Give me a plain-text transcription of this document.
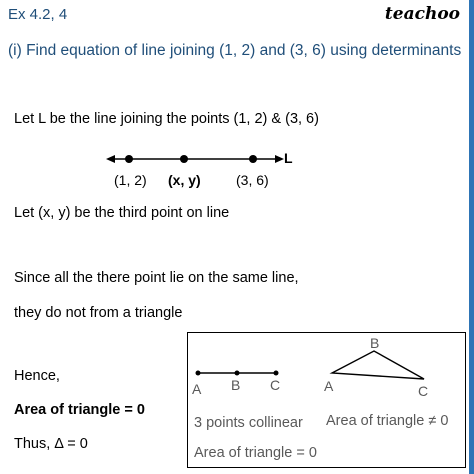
Ex 4.2, 4	teachoo
(i) Find equation of line joining (1, 2) and (3, 6) using determinants
Let L be the line joining the points (1, 2) & (3, 6)
L
(1, 2) (x, y)	(3, 6)
Let (x, y) be the third point on line
Since all the there point lie on the same line,
they do not from a triangle
Hence,
Area of triangle = 0
Thus, Δ = 0
A B C	A
B
C
3 points collinear Area of triangle ≠ 0
Area of triangle = 0
